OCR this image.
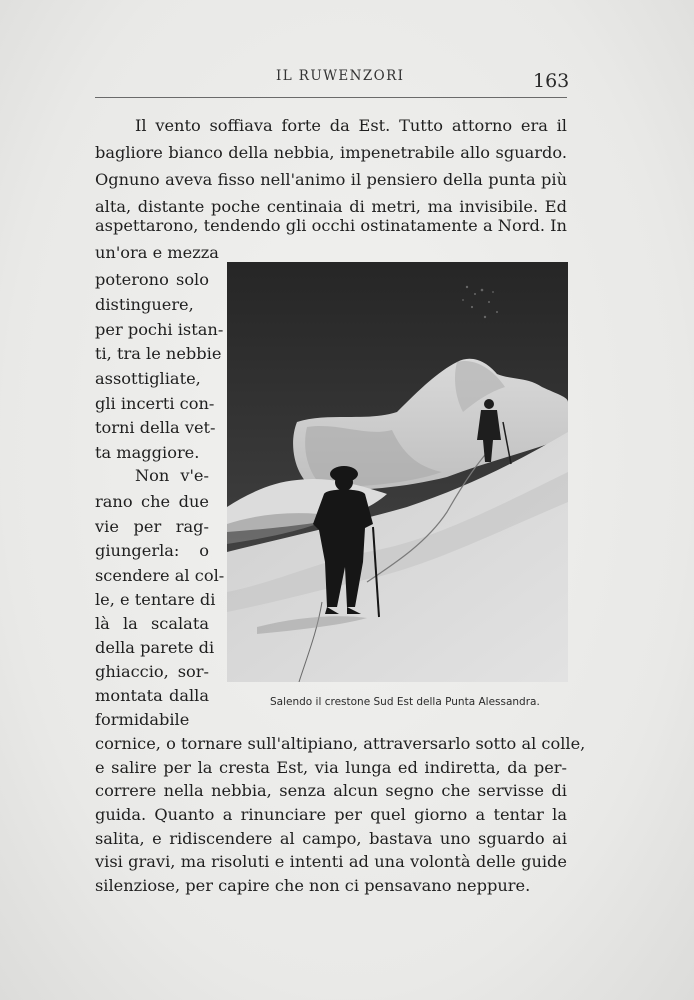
IL RUWENZORI	163
Il vento soffiava forte da Est. Tutto attorno era il
bagliore bianco della nebbia, impenetrabile allo sguardo.
Ognuno aveva fisso nell'animo il pensiero della punta più
alta, distante poche centinaia di metri, ma invisibile. Ed
aspettarono, tendendo gli occhi ostinatamente a Nord. In
un'ora e mezza
poterono solo
distinguere,
per pochi istan-
ti, tra le nebbie
assottigliate,
gli incerti con-
torni della vet-
ta maggiore.
Non v'e-
rano che due
vie per rag-
giungerla: o
scendere al col-
le, e tentare di
là la scalata
della parete di
ghiaccio, sor-
montata dalla
formidabile
cornice, o tornare sull'altipiano, attraversarlo sotto al colle,
e salire per la cresta Est, via lunga ed indiretta, da per-
correre nella nebbia, senza alcun segno che servisse di
guida. Quanto a rinunciare per quel giorno a tentar la
salita, e ridiscendere al campo, bastava uno sguardo ai
visi gravi, ma risoluti e intenti ad una volontà delle guide
silenziose, per capire che non ci pensavano neppure.
Salendo il crestone Sud Est della Punta Alessandra.
